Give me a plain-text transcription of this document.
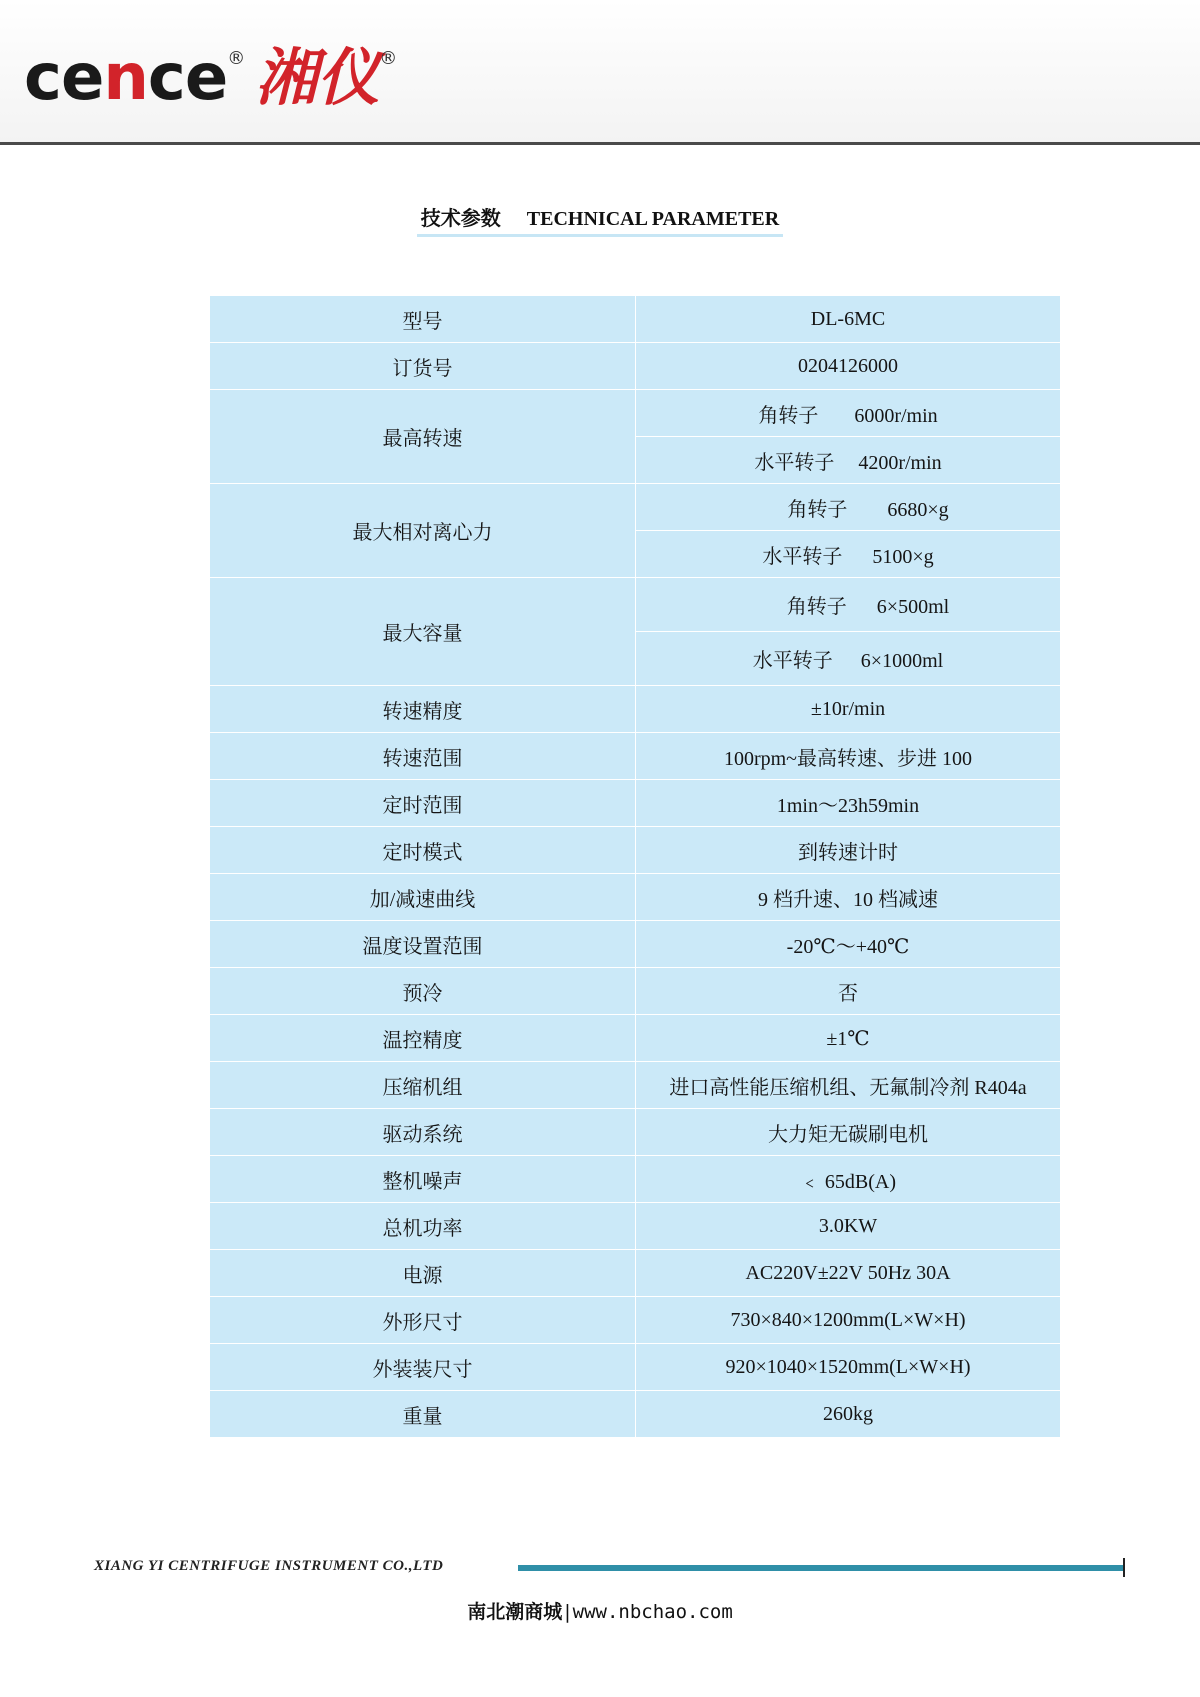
cence ® 湘仪 ®
技术参数 TECHNICAL PARAMETER
型号	DL-6MC
订货号	0204126000
最高转速	角转子 6000r/min
	水平转子 4200r/min
最大相对离心力	角转子 6680×g
	水平转子 5100×g
最大容量	角转子 6×500ml
	水平转子 6×1000ml
转速精度	±10r/min
转速范围	100rpm~最高转速、步进 100
定时范围	1min～23h59min
定时模式	到转速计时
加/减速曲线	9 档升速、10 档减速
温度设置范围	-20℃～+40℃
预冷	否
温控精度	±1℃
压缩机组	进口高性能压缩机组、无氟制冷剂 R404a
驱动系统	大力矩无碳刷电机
整机噪声	﹤ 65dB(A)
总机功率	3.0KW
电源	AC220V±22V 50Hz 30A
外形尺寸	730×840×1200mm(L×W×H)
外装装尺寸	920×1040×1520mm(L×W×H)
重量	260kg
XIANG YI CENTRIFUGE INSTRUMENT CO.,LTD
南北潮商城 | www.nbchao.com
